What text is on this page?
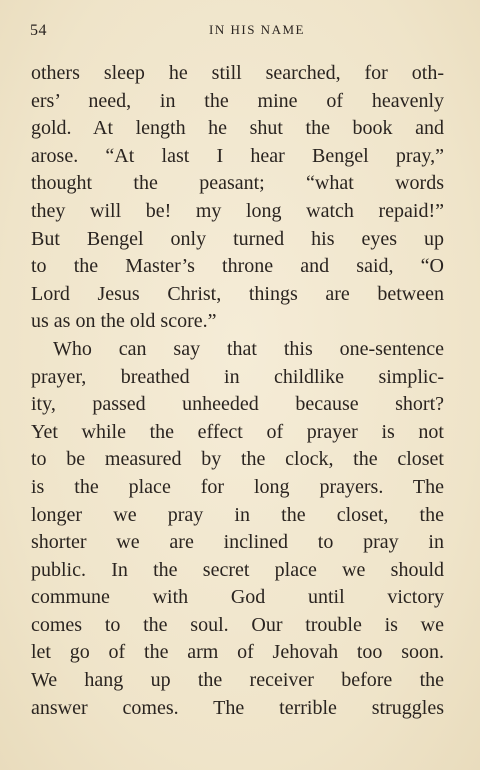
54	IN HIS NAME
others sleep he still searched, for oth-
ers’ need, in the mine of heavenly
gold. At length he shut the book and
arose. “At last I hear Bengel pray,”
thought the peasant; “what words
they will be! my long watch repaid!”
But Bengel only turned his eyes up
to the Master’s throne and said, “O
Lord Jesus Christ, things are between
us as on the old score.”
Who can say that this one-sentence
prayer, breathed in childlike simplic-
ity, passed unheeded because short?
Yet while the effect of prayer is not
to be measured by the clock, the closet
is the place for long prayers. The
longer we pray in the closet, the
shorter we are inclined to pray in
public. In the secret place we should
commune with God until victory
comes to the soul. Our trouble is we
let go of the arm of Jehovah too soon.
We hang up the receiver before the
answer comes. The terrible struggles
